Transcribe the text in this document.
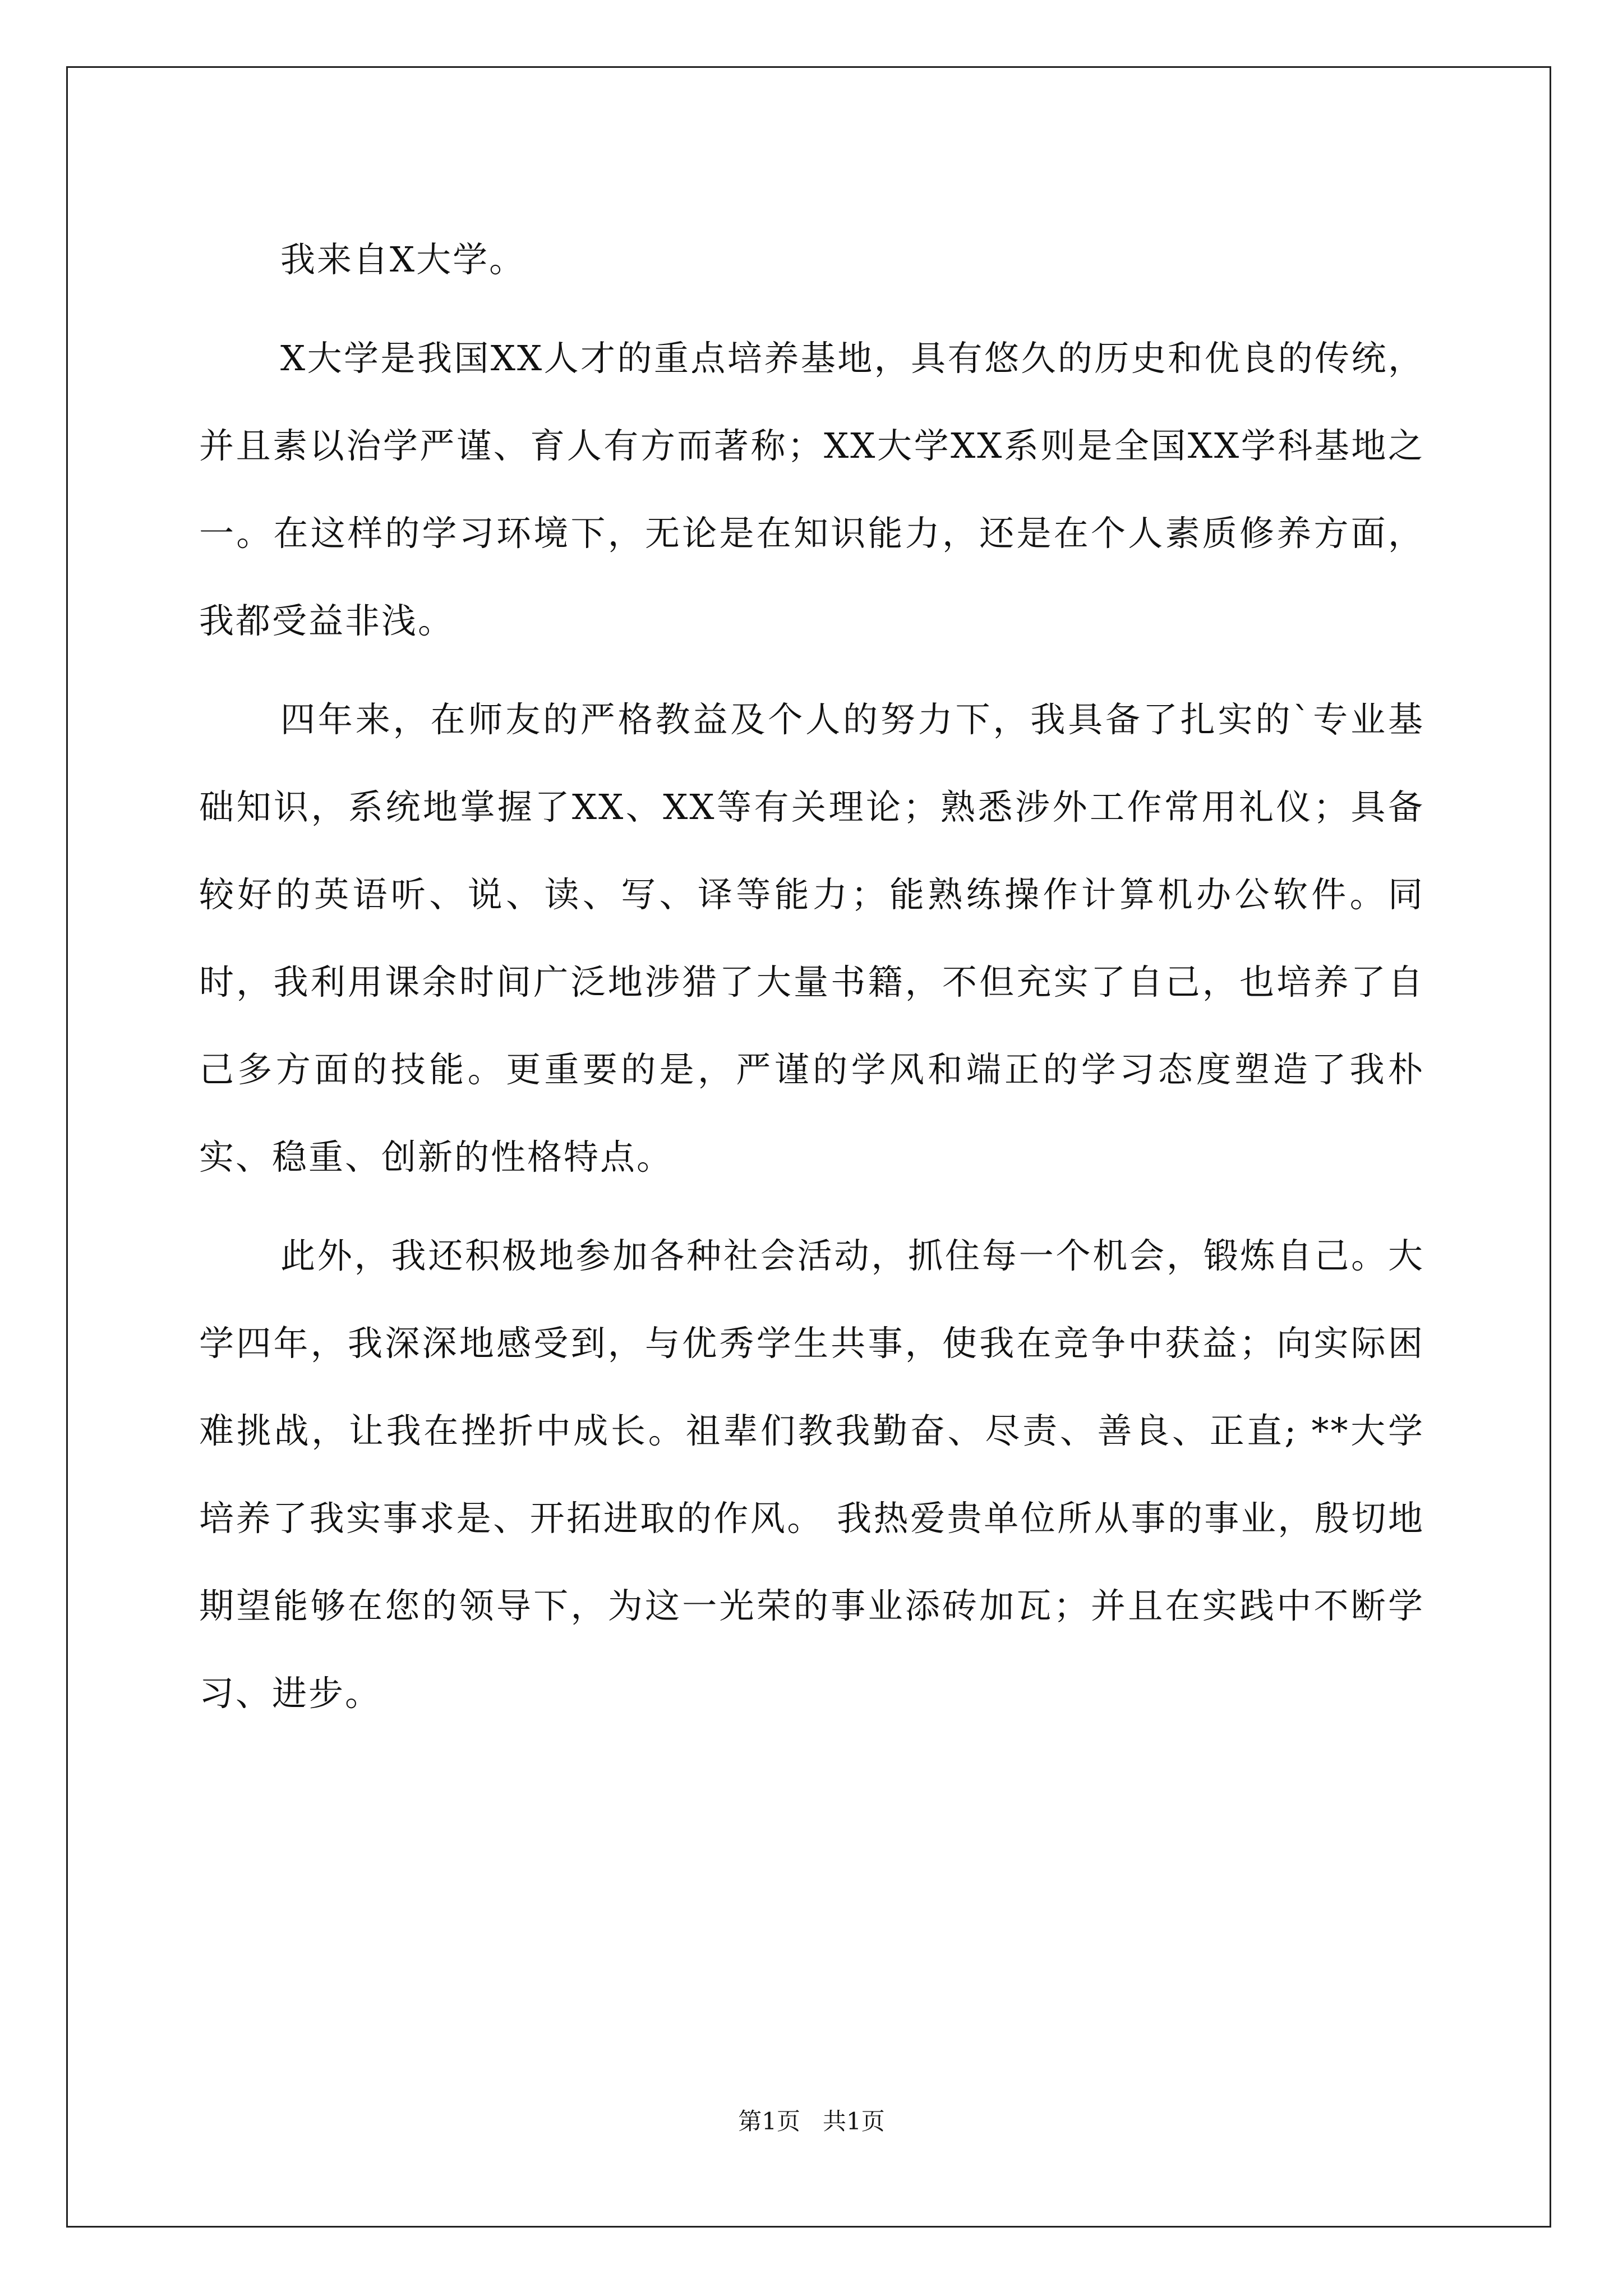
我来自X大学。

X大学是我国XX人才的重点培养基地，具有悠久的历史和优良的传统，并且素以治学严谨、育人有方而著称；XX大学XX系则是全国XX学科基地之一。在这样的学习环境下，无论是在知识能力，还是在个人素质修养方面，我都受益非浅。

四年来，在师友的严格教益及个人的努力下，我具备了扎实的`专业基础知识，系统地掌握了XX、XX等有关理论；熟悉涉外工作常用礼仪；具备较好的英语听、说、读、写、译等能力；能熟练操作计算机办公软件。同时，我利用课余时间广泛地涉猎了大量书籍，不但充实了自己，也培养了自己多方面的技能。更重要的是，严谨的学风和端正的学习态度塑造了我朴实、稳重、创新的性格特点。

此外，我还积极地参加各种社会活动，抓住每一个机会，锻炼自己。大学四年，我深深地感受到，与优秀学生共事，使我在竞争中获益；向实际困难挑战，让我在挫折中成长。祖辈们教我勤奋、尽责、善良、正直; **大学培养了我实事求是、开拓进取的作风。 我热爱贵单位所从事的事业，殷切地期望能够在您的领导下，为这一光荣的事业添砖加瓦；并且在实践中不断学习、进步。

第1页 共1页
